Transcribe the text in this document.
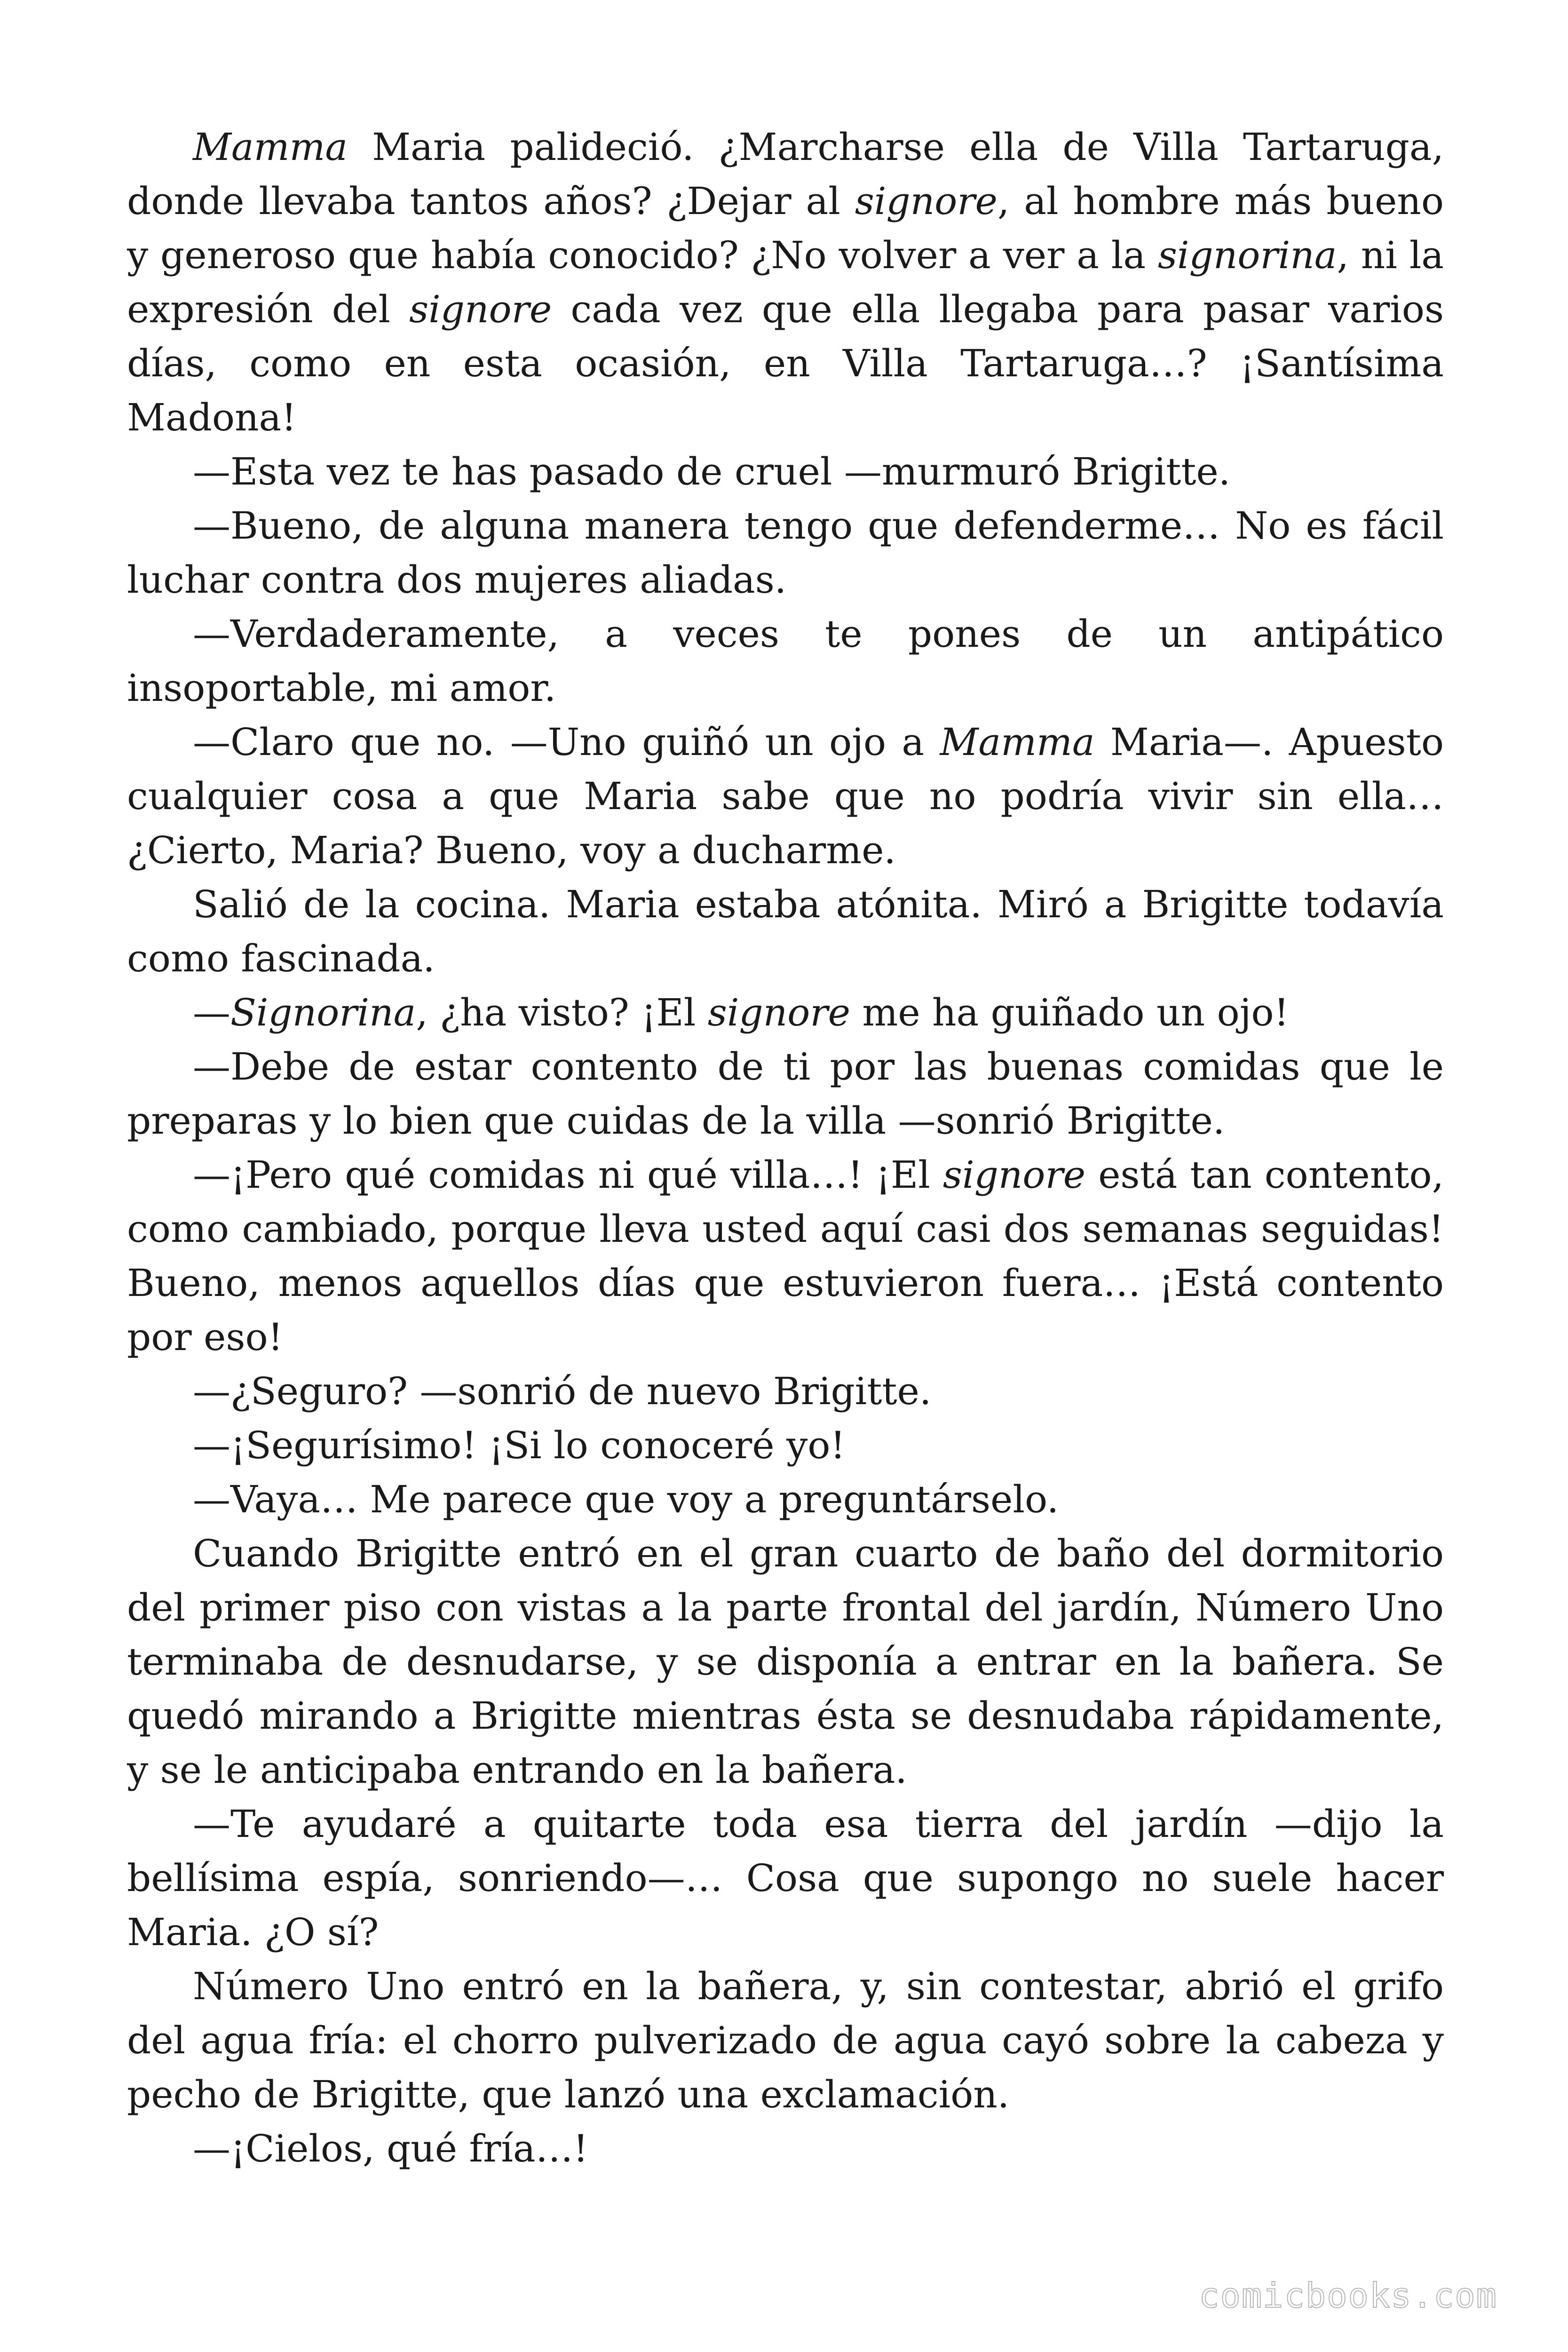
Mamma Maria palideció. ¿Marcharse ella de Villa Tartaruga, donde llevaba tantos años? ¿Dejar al signore, al hombre más bueno y generoso que había conocido? ¿No volver a ver a la signorina, ni la expresión del signore cada vez que ella llegaba para pasar varios días, como en esta ocasión, en Villa Tartaruga…? ¡Santísima Madona!

—Esta vez te has pasado de cruel —murmuró Brigitte.

—Bueno, de alguna manera tengo que defenderme… No es fácil luchar contra dos mujeres aliadas.

—Verdaderamente, a veces te pones de un antipático insoportable, mi amor.

—Claro que no. —Uno guiñó un ojo a Mamma Maria—. Apuesto cualquier cosa a que Maria sabe que no podría vivir sin ella… ¿Cierto, Maria? Bueno, voy a ducharme.

Salió de la cocina. Maria estaba atónita. Miró a Brigitte todavía como fascinada.

—Signorina, ¿ha visto? ¡El signore me ha guiñado un ojo!

—Debe de estar contento de ti por las buenas comidas que le preparas y lo bien que cuidas de la villa —sonrió Brigitte.

—¡Pero qué comidas ni qué villa…! ¡El signore está tan contento, como cambiado, porque lleva usted aquí casi dos semanas seguidas! Bueno, menos aquellos días que estuvieron fuera… ¡Está contento por eso!

—¿Seguro? —sonrió de nuevo Brigitte.

—¡Segurísimo! ¡Si lo conoceré yo!

—Vaya… Me parece que voy a preguntárselo.

Cuando Brigitte entró en el gran cuarto de baño del dormitorio del primer piso con vistas a la parte frontal del jardín, Número Uno terminaba de desnudarse, y se disponía a entrar en la bañera. Se quedó mirando a Brigitte mientras ésta se desnudaba rápidamente, y se le anticipaba entrando en la bañera.

—Te ayudaré a quitarte toda esa tierra del jardín —dijo la bellísima espía, sonriendo—… Cosa que supongo no suele hacer Maria. ¿O sí?

Número Uno entró en la bañera, y, sin contestar, abrió el grifo del agua fría: el chorro pulverizado de agua cayó sobre la cabeza y pecho de Brigitte, que lanzó una exclamación.

—¡Cielos, qué fría…!

comicbooks.com
